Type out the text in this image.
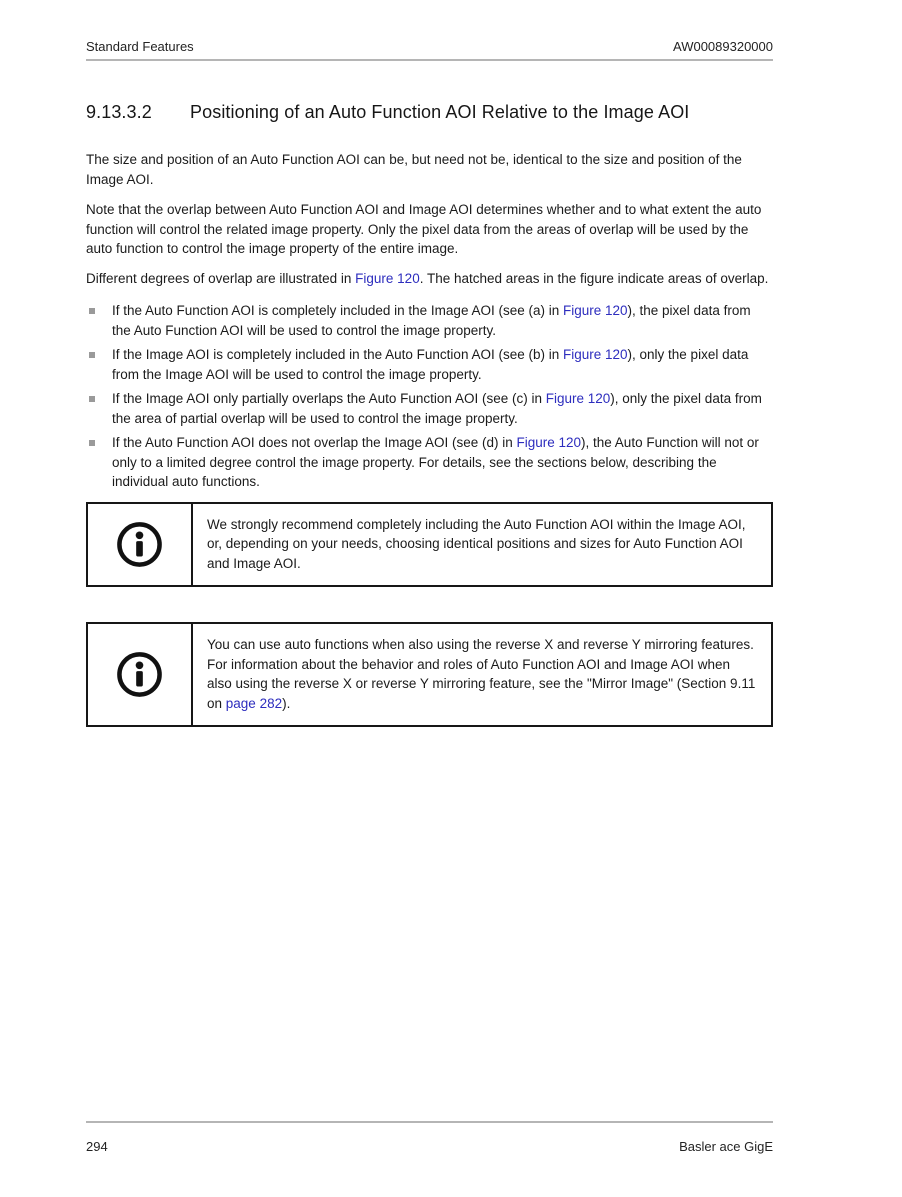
Standard Features	AW00089320000
9.13.3.2	Positioning of an Auto Function AOI Relative to the Image AOI

The size and position of an Auto Function AOI can be, but need not be, identical to the size and position of the Image AOI.

Note that the overlap between Auto Function AOI and Image AOI determines whether and to what extent the auto function will control the related image property. Only the pixel data from the areas of overlap will be used by the auto function to control the image property of the entire image.

Different degrees of overlap are illustrated in Figure 120. The hatched areas in the figure indicate areas of overlap.

If the Auto Function AOI is completely included in the Image AOI (see (a) in Figure 120), the pixel data from the Auto Function AOI will be used to control the image property.
If the Image AOI is completely included in the Auto Function AOI (see (b) in Figure 120), only the pixel data from the Image AOI will be used to control the image property.
If the Image AOI only partially overlaps the Auto Function AOI (see (c) in Figure 120), only the pixel data from the area of partial overlap will be used to control the image property.
If the Auto Function AOI does not overlap the Image AOI (see (d) in Figure 120), the Auto Function will not or only to a limited degree control the image property. For details, see the sections below, describing the individual auto functions.
We strongly recommend completely including the Auto Function AOI within the Image AOI, or, depending on your needs, choosing identical positions and sizes for Auto Function AOI and Image AOI.
You can use auto functions when also using the reverse X and reverse Y mirroring features. For information about the behavior and roles of Auto Function AOI and Image AOI when also using the reverse X or reverse Y mirroring feature, see the "Mirror Image" (Section 9.11 on page 282).
294	Basler ace GigE
